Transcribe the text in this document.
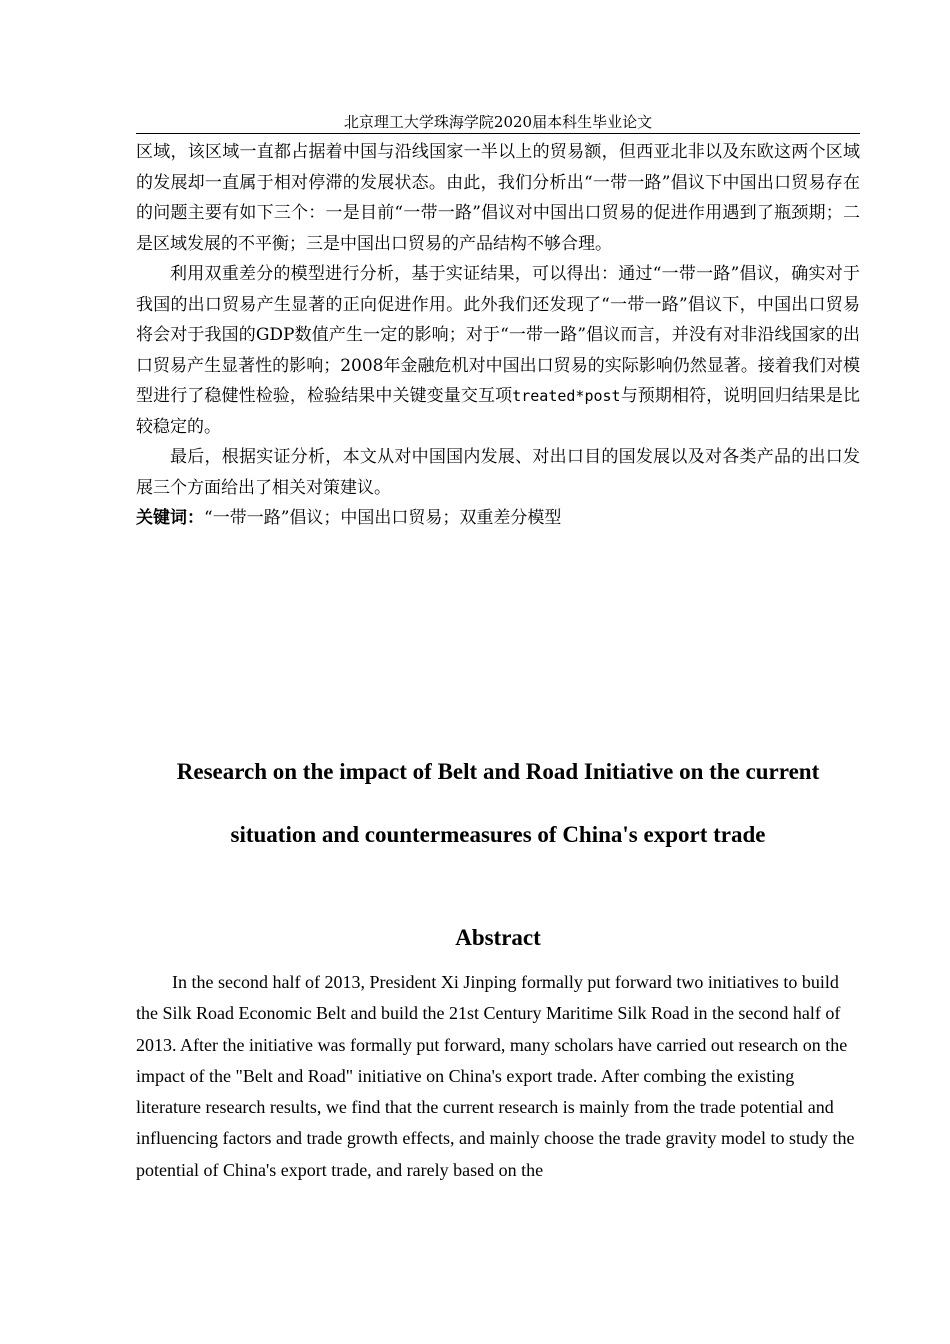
北京理工大学珠海学院2020届本科生毕业论文

区域，该区域一直都占据着中国与沿线国家一半以上的贸易额，但西亚北非以及东欧这两个区域的发展却一直属于相对停滞的发展状态。由此，我们分析出“一带一路”倡议下中国出口贸易存在的问题主要有如下三个：一是目前“一带一路”倡议对中国出口贸易的促进作用遇到了瓶颈期；二是区域发展的不平衡；三是中国出口贸易的产品结构不够合理。

利用双重差分的模型进行分析，基于实证结果，可以得出：通过“一带一路”倡议，确实对于我国的出口贸易产生显著的正向促进作用。此外我们还发现了“一带一路”倡议下，中国出口贸易将会对于我国的GDP数值产生一定的影响；对于“一带一路”倡议而言，并没有对非沿线国家的出口贸易产生显著性的影响；2008年金融危机对中国出口贸易的实际影响仍然显著。接着我们对模型进行了稳健性检验，检验结果中关键变量交互项treated*post与预期相符，说明回归结果是比较稳定的。

最后，根据实证分析，本文从对中国国内发展、对出口目的国发展以及对各类产品的出口发展三个方面给出了相关对策建议。

关键词：“一带一路”倡议；中国出口贸易；双重差分模型

Research on the impact of Belt and Road Initiative on the current
situation and countermeasures of China's export trade
Abstract

In the second half of 2013, President Xi Jinping formally put forward two initiatives to build the Silk Road Economic Belt and build the 21st Century Maritime Silk Road in the second half of 2013. After the initiative was formally put forward, many scholars have carried out research on the impact of the "Belt and Road" initiative on China's export trade. After combing the existing literature research results, we find that the current research is mainly from the trade potential and influencing factors and trade growth effects, and mainly choose the trade gravity model to study the potential of China's export trade, and rarely based on the
